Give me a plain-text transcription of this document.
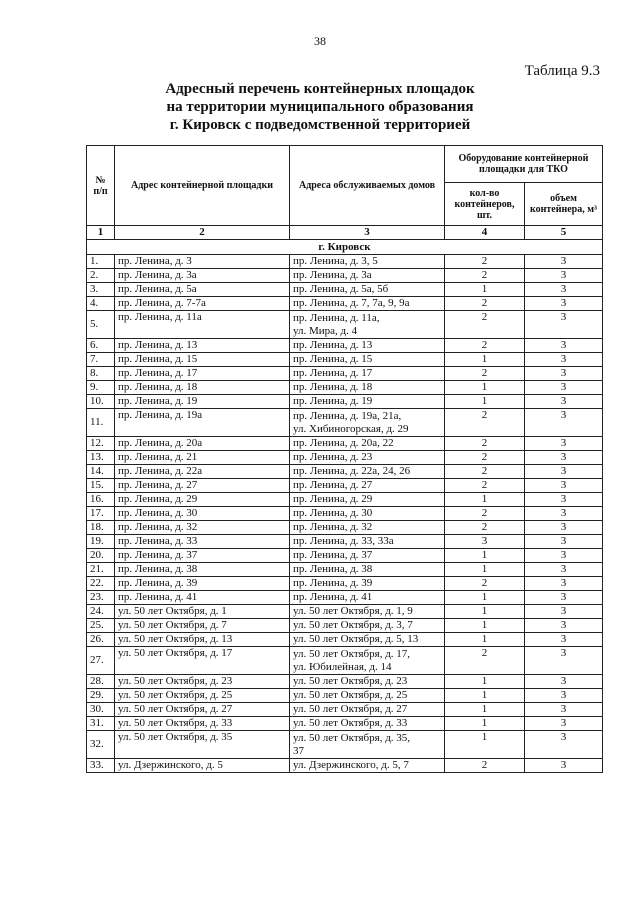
38
Таблица 9.3
Адресный перечень контейнерных площадок
на территории муниципального образования
г. Кировск с подведомственной территорией
№ п/п	Адрес контейнерной площадки	Адреса обслуживаемых домов	Оборудование контейнерной площадки для ТКО	
			кол-во контейнеров, шт.	объем контейнера, м³
1	2	3	4	5
г. Кировск				
1.	пр. Ленина, д. 3	пр. Ленина, д. 3, 5	2	3
2.	пр. Ленина, д. 3а	пр. Ленина, д. 3а	2	3
3.	пр. Ленина, д. 5а	пр. Ленина, д. 5а, 5б	1	3
4.	пр. Ленина, д. 7-7а	пр. Ленина, д. 7, 7а, 9, 9а	2	3
5.	пр. Ленина, д. 11а	пр. Ленина, д. 11а,
ул. Мира, д. 4	2	3
6.	пр. Ленина, д. 13	пр. Ленина, д. 13	2	3
7.	пр. Ленина, д. 15	пр. Ленина, д. 15	1	3
8.	пр. Ленина, д. 17	пр. Ленина, д. 17	2	3
9.	пр. Ленина, д. 18	пр. Ленина, д. 18	1	3
10.	пр. Ленина, д. 19	пр. Ленина, д. 19	1	3
11.	пр. Ленина, д. 19а	пр. Ленина, д. 19а, 21а,
ул. Хибиногорская, д. 29	2	3
12.	пр. Ленина, д. 20а	пр. Ленина, д. 20а, 22	2	3
13.	пр. Ленина, д. 21	пр. Ленина, д. 23	2	3
14.	пр. Ленина, д. 22а	пр. Ленина, д. 22а, 24, 26	2	3
15.	пр. Ленина, д. 27	пр. Ленина, д. 27	2	3
16.	пр. Ленина, д. 29	пр. Ленина, д. 29	1	3
17.	пр. Ленина, д. 30	пр. Ленина, д. 30	2	3
18.	пр. Ленина, д. 32	пр. Ленина, д. 32	2	3
19.	пр. Ленина, д. 33	пр. Ленина, д. 33, 33а	3	3
20.	пр. Ленина, д. 37	пр. Ленина, д. 37	1	3
21.	пр. Ленина, д. 38	пр. Ленина, д. 38	1	3
22.	пр. Ленина, д. 39	пр. Ленина, д. 39	2	3
23.	пр. Ленина, д. 41	пр. Ленина, д. 41	1	3
24.	ул. 50 лет Октября, д. 1	ул. 50 лет Октября, д. 1, 9	1	3
25.	ул. 50 лет Октября, д. 7	ул. 50 лет Октября, д. 3, 7	1	3
26.	ул. 50 лет Октября, д. 13	ул. 50 лет Октября, д. 5, 13	1	3
27.	ул. 50 лет Октября, д. 17	ул. 50 лет Октября, д. 17,
ул. Юбилейная, д. 14	2	3
28.	ул. 50 лет Октября, д. 23	ул. 50 лет Октября, д. 23	1	3
29.	ул. 50 лет Октября, д. 25	ул. 50 лет Октября, д. 25	1	3
30.	ул. 50 лет Октября, д. 27	ул. 50 лет Октября, д. 27	1	3
31.	ул. 50 лет Октября, д. 33	ул. 50 лет Октября, д. 33	1	3
32.	ул. 50 лет Октября, д. 35	ул. 50 лет Октября, д. 35,
37	1	3
33.	ул. Дзержинского, д. 5	ул. Дзержинского, д. 5, 7	2	3
